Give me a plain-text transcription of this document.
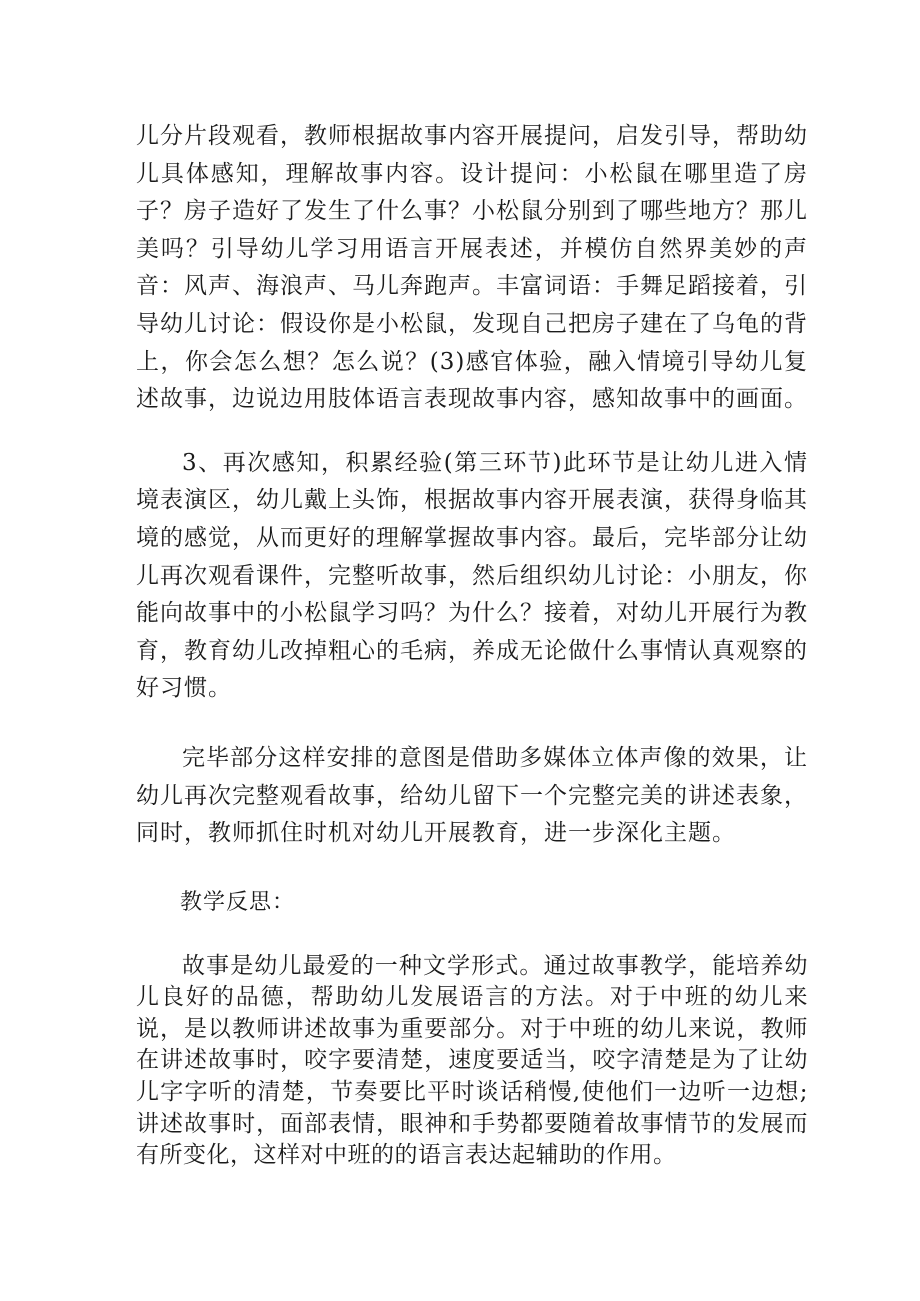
儿分片段观看，教师根据故事内容开展提问，启发引导，帮助幼儿具体感知，理解故事内容。设计提问：小松鼠在哪里造了房子？房子造好了发生了什么事？小松鼠分别到了哪些地方？那儿美吗？引导幼儿学习用语言开展表述，并模仿自然界美妙的声音：风声、海浪声、马儿奔跑声。丰富词语：手舞足蹈接着，引导幼儿讨论：假设你是小松鼠，发现自己把房子建在了乌龟的背上，你会怎么想？怎么说？(3)感官体验，融入情境引导幼儿复述故事，边说边用肢体语言表现故事内容，感知故事中的画面。

3、再次感知，积累经验(第三环节)此环节是让幼儿进入情境表演区，幼儿戴上头饰，根据故事内容开展表演，获得身临其境的感觉，从而更好的理解掌握故事内容。最后，完毕部分让幼儿再次观看课件，完整听故事，然后组织幼儿讨论：小朋友，你能向故事中的小松鼠学习吗？为什么？接着，对幼儿开展行为教育，教育幼儿改掉粗心的毛病，养成无论做什么事情认真观察的好习惯。

完毕部分这样安排的意图是借助多媒体立体声像的效果，让幼儿再次完整观看故事，给幼儿留下一个完整完美的讲述表象，同时，教师抓住时机对幼儿开展教育，进一步深化主题。

教学反思：

故事是幼儿最爱的一种文学形式。通过故事教学，能培养幼儿良好的品德，帮助幼儿发展语言的方法。对于中班的幼儿来说，是以教师讲述故事为重要部分。对于中班的幼儿来说，教师在讲述故事时，咬字要清楚，速度要适当，咬字清楚是为了让幼儿字字听的清楚，节奏要比平时谈话稍慢,使他们一边听一边想;讲述故事时，面部表情，眼神和手势都要随着故事情节的发展而有所变化，这样对中班的的语言表达起辅助的作用。
